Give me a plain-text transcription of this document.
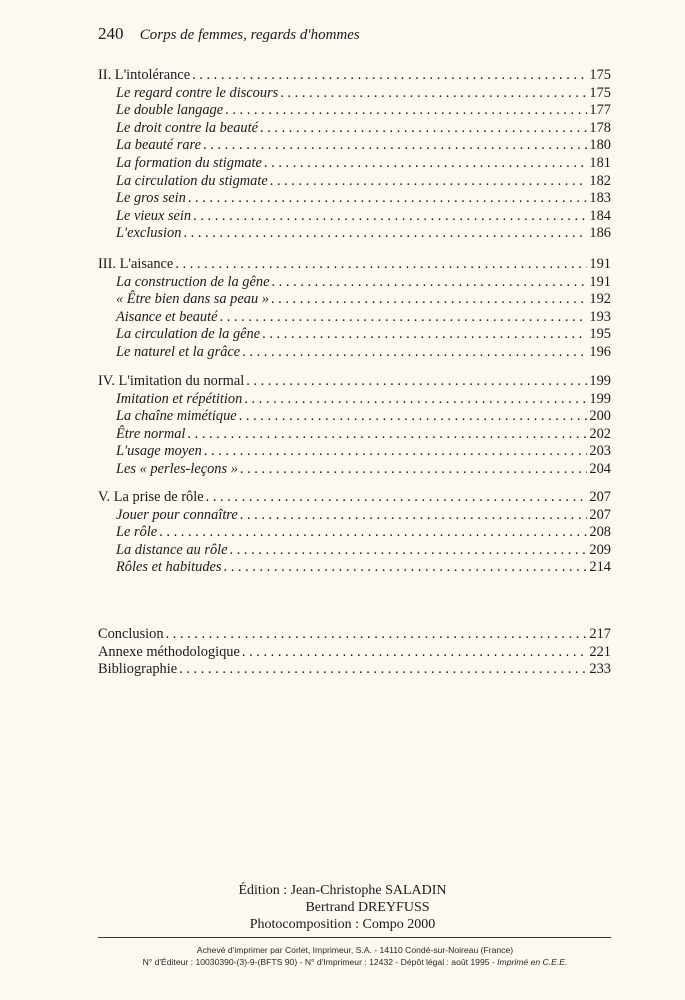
240 Corps de femmes, regards d'hommes
II. L'intolérance . . .	175
Le regard contre le discours . . .	175
Le double langage . . .	177
Le droit contre la beauté . . .	178
La beauté rare . . .	180
La formation du stigmate . . .	181
La circulation du stigmate . . .	182
Le gros sein . . .	183
Le vieux sein . . .	184
L'exclusion . . .	186
III. L'aisance . . .	191
La construction de la gêne . . .	191
« Être bien dans sa peau » . . .	192
Aisance et beauté . . .	193
La circulation de la gêne . . .	195
Le naturel et la grâce . . .	196
IV. L'imitation du normal . . .	199
Imitation et répétition . . .	199
La chaîne mimétique . . .	200
Être normal . . .	202
L'usage moyen . . .	203
Les « perles-leçons » . . .	204
V. La prise de rôle . . .	207
Jouer pour connaître . . .	207
Le rôle . . .	208
La distance au rôle . . .	209
Rôles et habitudes . . .	214
Conclusion . . .	217
Annexe méthodologique . . .	221
Bibliographie . . .	233
Édition : Jean-Christophe SALADIN
Bertrand DREYFUSS
Photocomposition : Compo 2000
Achevé d'imprimer par Corlet, Imprimeur, S.A. - 14110 Condé-sur-Noireau (France)
N° d'Éditeur : 10030390-(3)-9-(BFTS 90) - N° d'Imprimeur : 12432 - Dépôt légal : août 1995 - Imprimé en C.E.E.
